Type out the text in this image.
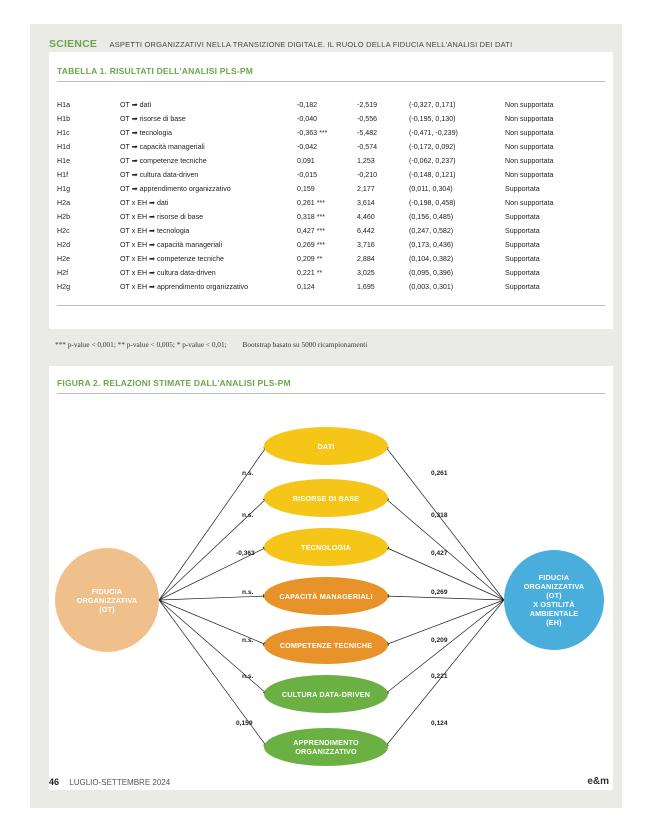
SCIENCE ASPETTI ORGANIZZATIVI NELLA TRANSIZIONE DIGITALE. IL RUOLO DELLA FIDUCIA NELL'ANALISI DEI DATI
TABELLA 1. RISULTATI DELL'ANALISI PLS-PM
H1a	OT ➡ dati	-0,182	-2,519	(-0,327, 0,171)	Non supportata
H1b	OT ➡ risorse di base	-0,040	-0,556	(-0,195, 0,130)	Non supportata
H1c	OT ➡ tecnologia	-0,363 ***	-5,482	(-0,471, -0,239)	Non supportata
H1d	OT ➡ capacità manageriali	-0,042	-0,574	(-0,172, 0,092)	Non supportata
H1e	OT ➡ competenze tecniche	0,091	1,253	(-0,062, 0,237)	Non supportata
H1f	OT ➡ cultura data-driven	-0,015	-0,210	(-0,148, 0,121)	Non supportata
H1g	OT ➡ apprendimento organizzativo	0,159	2,177	(0,011, 0,304)	Supportata
H2a	OT x EH ➡ dati	0,261 ***	3,614	(-0,198, 0,458)	Non supportata
H2b	OT x EH ➡ risorse di base	0,318 ***	4,460	(0,156, 0,485)	Supportata
H2c	OT x EH ➡ tecnologia	0,427 ***	6,442	(0,247, 0,582)	Supportata
H2d	OT x EH ➡ capacità manageriali	0,269 ***	3,716	(0,173, 0,436)	Supportata
H2e	OT x EH ➡ competenze tecniche	0,209 **	2,884	(0,104, 0,382)	Supportata
H2f	OT x EH ➡ cultura data-driven	0,221 **	3,025	(0,095, 0,396)	Supportata
H2g	OT x EH ➡ apprendimento organizzativo	0,124	1,695	(0,003, 0,301)	Supportata
*** p-value < 0,001; ** p-value < 0,005; * p-value < 0,01; Bootstrap basato su 5000 ricampionamenti
FIGURA 2. RELAZIONI STIMATE DALL'ANALISI PLS-PM
FIDUCIA
ORGANIZZATIVA
(OT)
FIDUCIA
ORGANIZZATIVA
(OT)
X OSTILITÀ
AMBIENTALE
(EH)
DATI
n.s.	0,261
RISORSE DI BASE
n.s.	0,318
TECNOLOGIA
-0,363	0,427
CAPACITÀ MANAGERIALI
n.s.	0,269
COMPETENZE TECNICHE
n.s.	0,209
CULTURA DATA-DRIVEN
n.s.	0,221
APPRENDIMENTO
ORGANIZZATIVO
0,159	0,124
46 LUGLIO-SETTEMBRE 2024	e&m
